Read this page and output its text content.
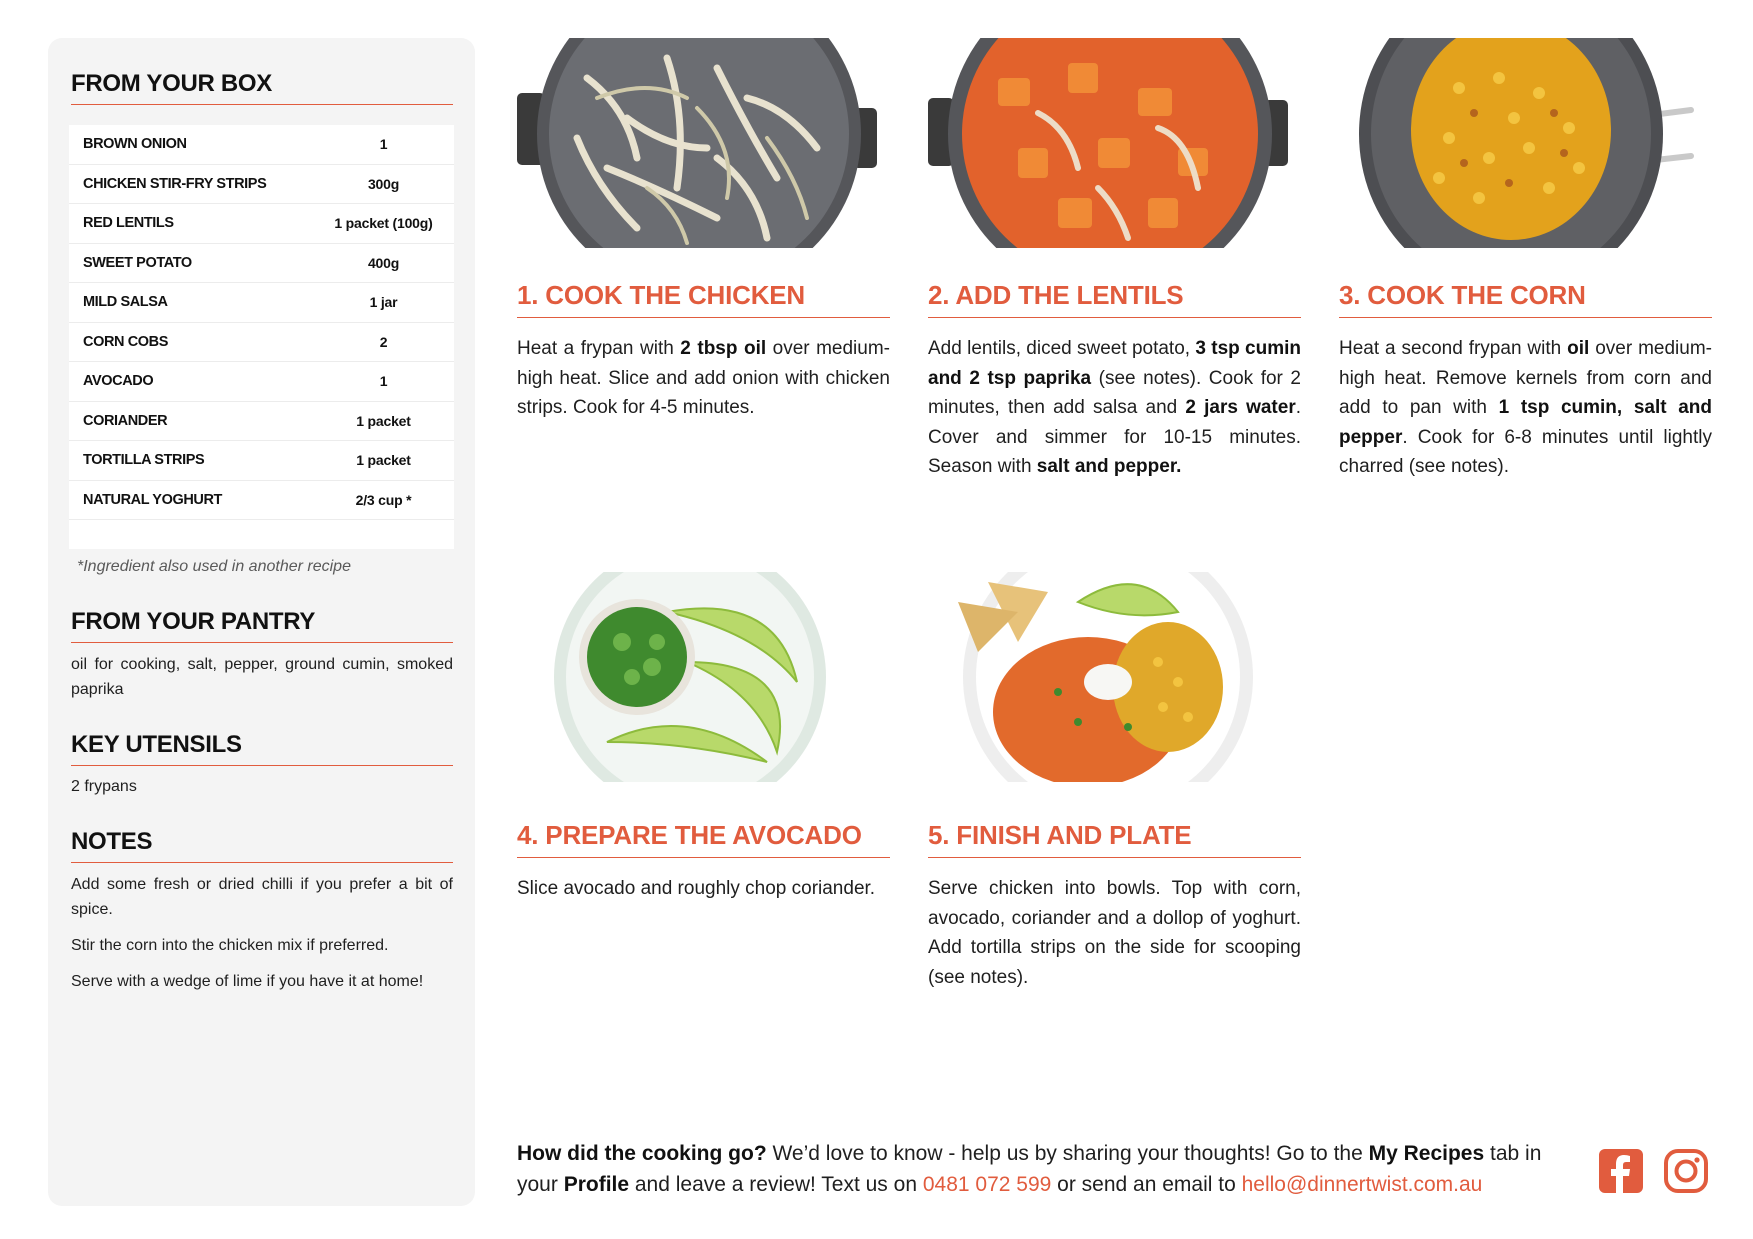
FROM YOUR BOX
BROWN ONION	1
CHICKEN STIR-FRY STRIPS	300g
RED LENTILS	1 packet (100g)
SWEET POTATO	400g
MILD SALSA	1 jar
CORN COBS	2
AVOCADO	1
CORIANDER	1 packet
TORTILLA STRIPS	1 packet
NATURAL YOGHURT	2/3 cup *
*Ingredient also used in another recipe
FROM YOUR PANTRY

oil for cooking, salt, pepper, ground cumin, smoked paprika

KEY UTENSILS

2 frypans

NOTES

Add some fresh or dried chilli if you prefer a bit of spice.

Stir the corn into the chicken mix if preferred.

Serve with a wedge of lime if you have it at home!

1. COOK THE CHICKEN
Heat a frypan with 2 tbsp oil over medium-high heat. Slice and add onion with chicken strips. Cook for 4-5 minutes.
2. ADD THE LENTILS
Add lentils, diced sweet potato, 3 tsp cumin and 2 tsp paprika (see notes). Cook for 2 minutes, then add salsa and 2 jars water. Cover and simmer for 10-15 minutes. Season with salt and pepper.
3. COOK THE CORN
Heat a second frypan with oil over medium-high heat. Remove kernels from corn and add to pan with 1 tsp cumin, salt and pepper. Cook for 6-8 minutes until lightly charred (see notes).
4. PREPARE THE AVOCADO
Slice avocado and roughly chop coriander.
5. FINISH AND PLATE
Serve chicken into bowls. Top with corn, avocado, coriander and a dollop of yoghurt. Add tortilla strips on the side for scooping (see notes).
How did the cooking go? We’d love to know - help us by sharing your thoughts! Go to the My Recipes tab in your Profile and leave a review! Text us on 0481 072 599 or send an email to hello@dinnertwist.com.au
